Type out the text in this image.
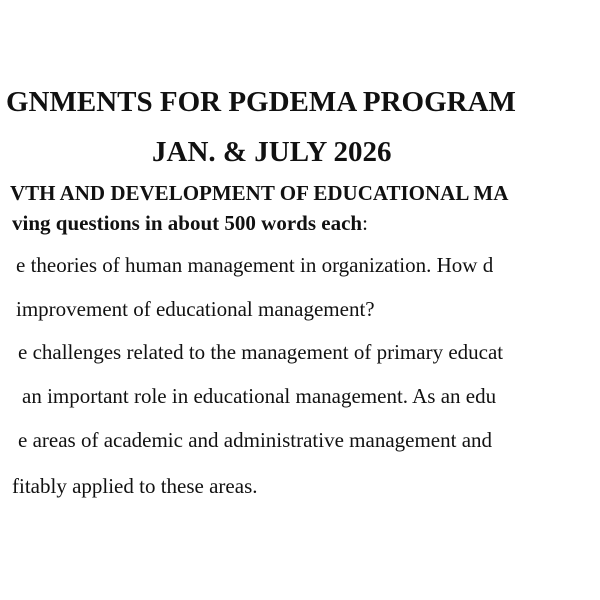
GNMENTS FOR PGDEMA PROGRAM
JAN. & JULY 2026
VTH AND DEVELOPMENT OF EDUCATIONAL MA
ving questions in about 500 words each:
e theories of human management in organization. How d
improvement of educational management?
e challenges related to the management of primary educat
an important role in educational management. As an edu
e areas of academic and administrative management and
fitably applied to these areas.
